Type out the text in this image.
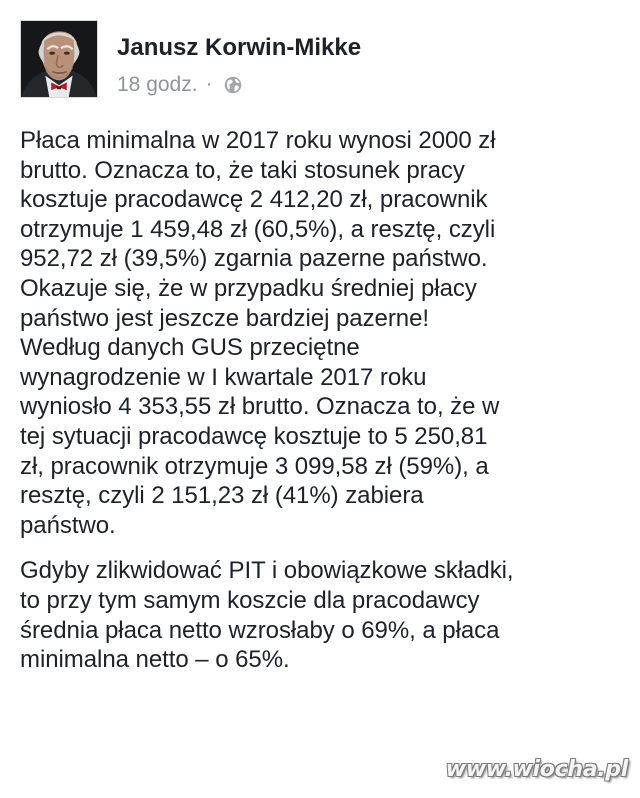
Janusz Korwin-Mikke
18 godz. ·

Płaca minimalna w 2017 roku wynosi 2000 zł
brutto. Oznacza to, że taki stosunek pracy
kosztuje pracodawcę 2 412,20 zł, pracownik
otrzymuje 1 459,48 zł (60,5%), a resztę, czyli
952,72 zł (39,5%) zgarnia pazerne państwo.
Okazuje się, że w przypadku średniej płacy
państwo jest jeszcze bardziej pazerne!
Według danych GUS przeciętne
wynagrodzenie w I kwartale 2017 roku
wyniosło 4 353,55 zł brutto. Oznacza to, że w
tej sytuacji pracodawcę kosztuje to 5 250,81
zł, pracownik otrzymuje 3 099,58 zł (59%), a
resztę, czyli 2 151,23 zł (41%) zabiera
państwo.

Gdyby zlikwidować PIT i obowiązkowe składki,
to przy tym samym koszcie dla pracodawcy
średnia płaca netto wzrosłaby o 69%, a płaca
minimalna netto – o 65%.

www.wiocha.pl
